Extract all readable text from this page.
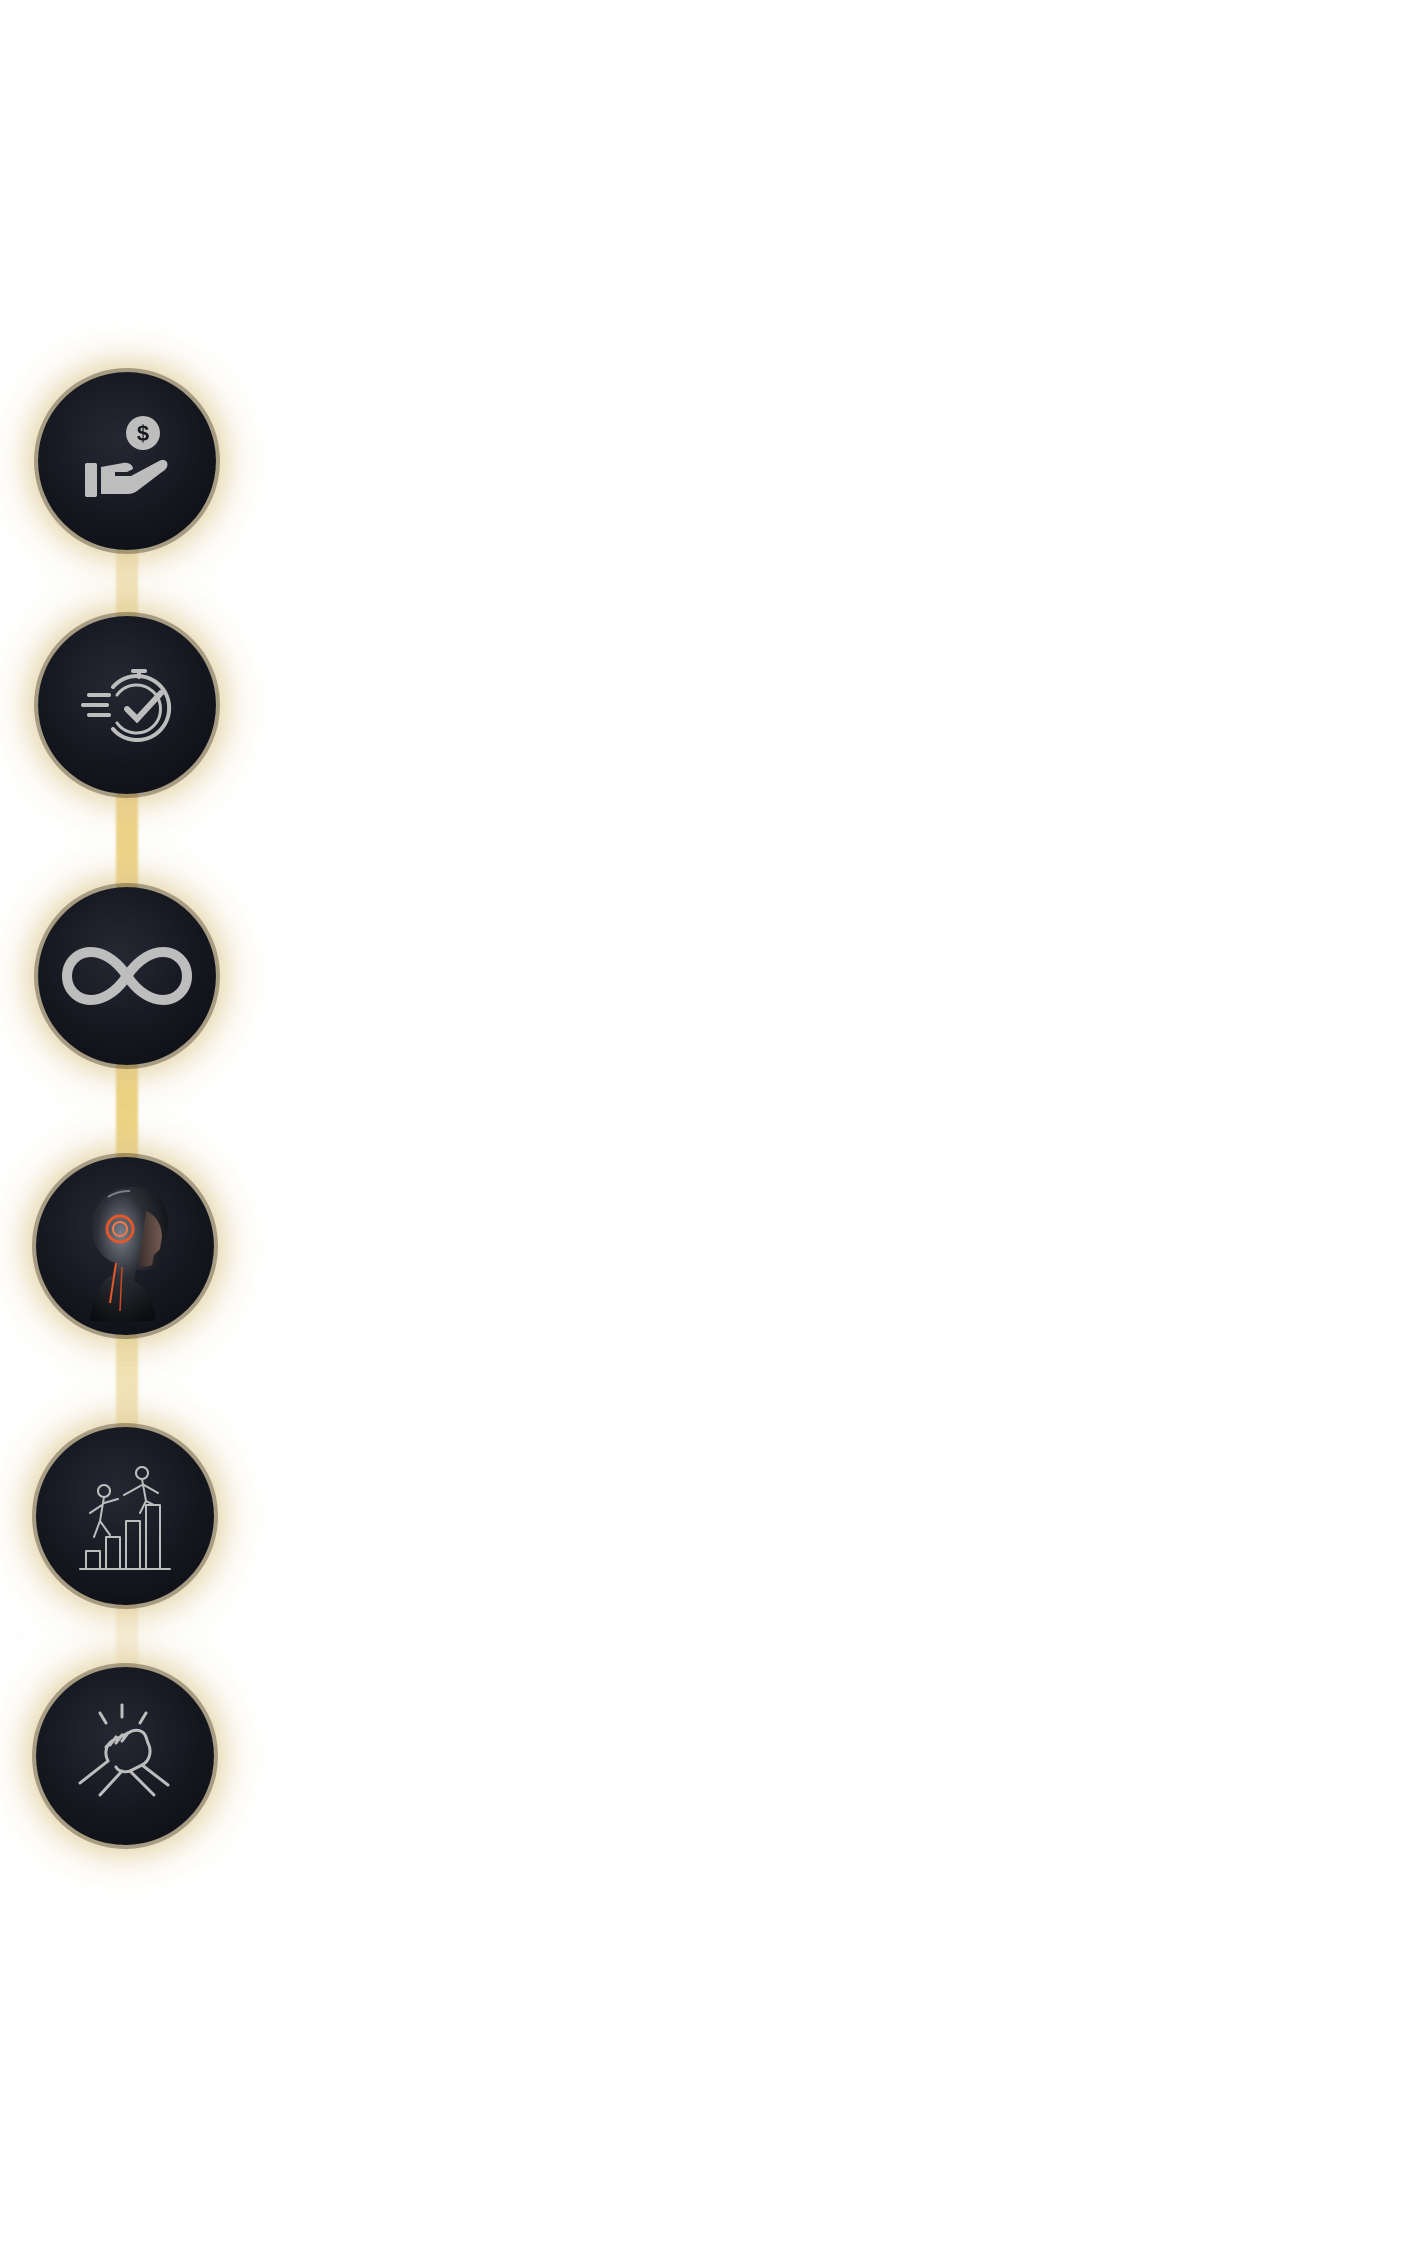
$
